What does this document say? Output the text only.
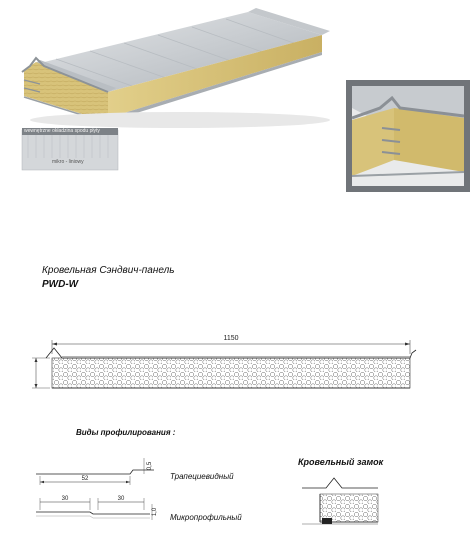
wewnętrzne okładzina spodu płyty
mikro - liniowy
Кровельная Сэндвич-панель
PWD-W
1150
Виды профилирования :
52
0,5
Трапециевидный
30	30
1,0
Микропрофильный
Кровельный замок
